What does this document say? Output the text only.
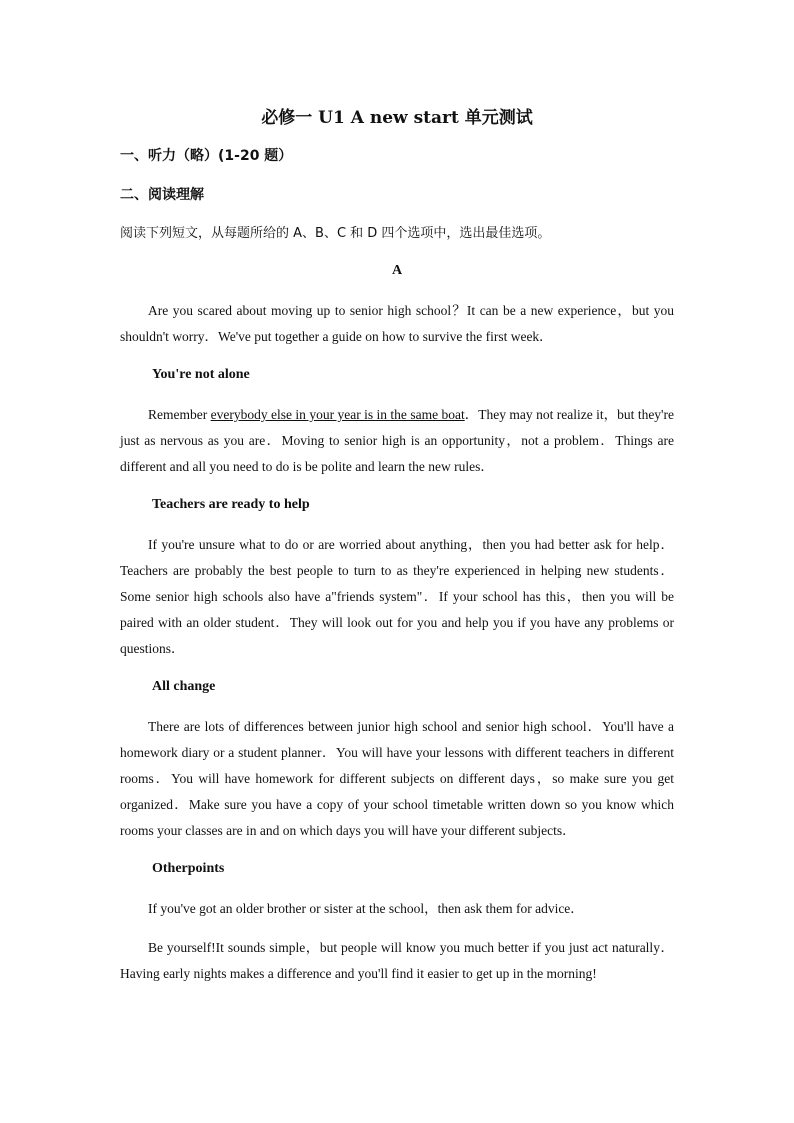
必修一 U1 A new start 单元测试
一、听力（略）(1-20 题）
二、阅读理解
阅读下列短文，从每题所给的 A、B、C 和 D 四个选项中，选出最佳选项。
A

Are you scared about moving up to senior high school？It can be a new experience，but you shouldn't worry．We've put together a guide on how to survive the first week．

You're not alone

Remember everybody else in your year is in the same boat．They may not realize it，but they're just as nervous as you are．Moving to senior high is an opportunity，not a problem．Things are different and all you need to do is be polite and learn the new rules．

Teachers are ready to help

If you're unsure what to do or are worried about anything，then you had better ask for help．Teachers are probably the best people to turn to as they're experienced in helping new students．Some senior high schools also have a"friends system"．If your school has this，then you will be paired with an older student．They will look out for you and help you if you have any problems or questions．

All change

There are lots of differences between junior high school and senior high school．You'll have a homework diary or a student planner．You will have your lessons with different teachers in different rooms．You will have homework for different subjects on different days，so make sure you get organized．Make sure you have a copy of your school timetable written down so you know which rooms your classes are in and on which days you will have your different subjects．

Otherpoints

If you've got an older brother or sister at the school，then ask them for advice．

Be yourself!It sounds simple，but people will know you much better if you just act naturally．Having early nights makes a difference and you'll find it easier to get up in the morning!
